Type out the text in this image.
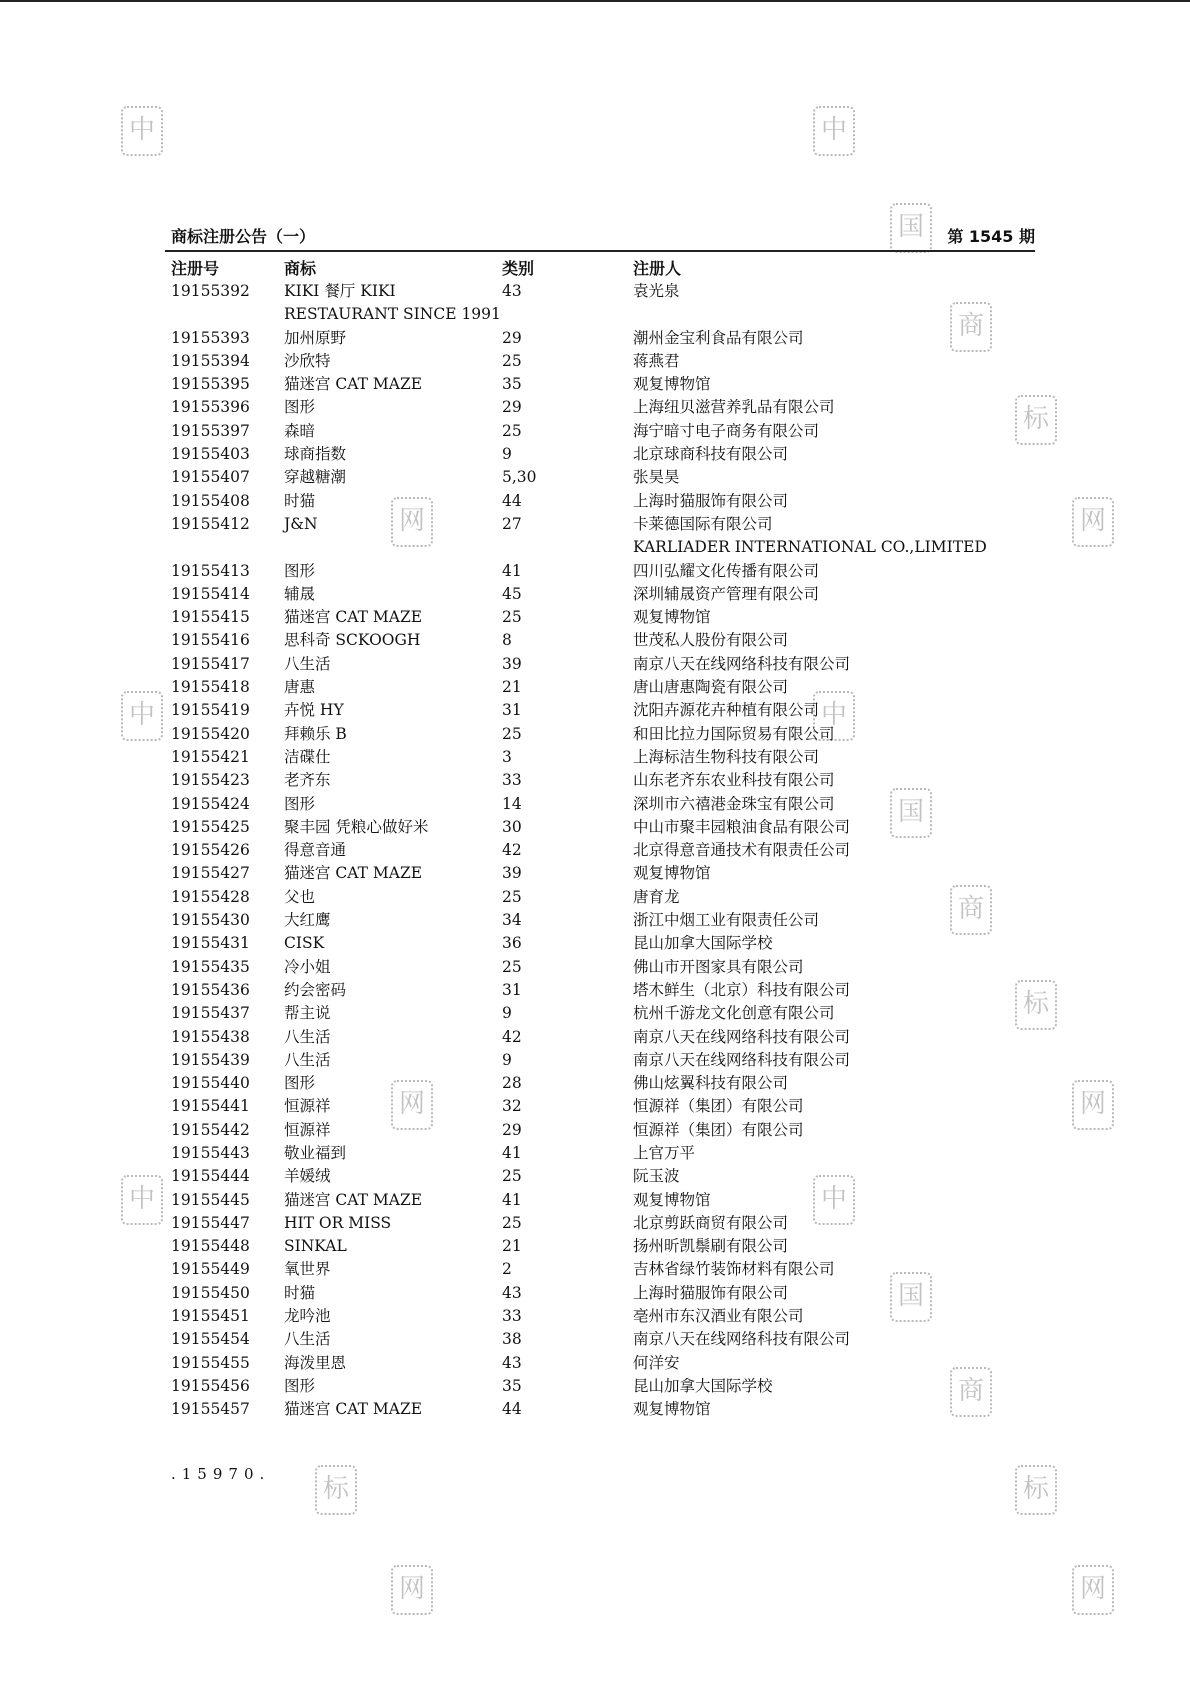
中	中
国
商
标
网
网
中	中
国
商
标
网
网
中	中
国
商
标
标
网	网
商标注册公告（一）	第 1545 期
注册号	商标	类别	注册人
19155392 KIKI 餐厅 KIKI
RESTAURANT SINCE 1991
43	袁光泉
19155393 加州原野	29	潮州金宝利食品有限公司
19155394 沙欣特	25	蒋燕君
19155395 猫迷宫 CAT MAZE	35	观复博物馆
19155396 图形	29	上海纽贝滋营养乳品有限公司
19155397 森暗	25	海宁暗寸电子商务有限公司
19155403 球商指数	9	北京球商科技有限公司
19155407 穿越糖潮	5,30	张昊昊
19155408 时猫	44	上海时猫服饰有限公司
19155412 J&N	27	卡莱德国际有限公司
KARLIADER INTERNATIONAL CO.,LIMITED
19155413 图形	41	四川弘耀文化传播有限公司
19155414 辅晟	45	深圳辅晟资产管理有限公司
19155415 猫迷宫 CAT MAZE	25	观复博物馆
19155416 思科奇 SCKOOGH	8	世茂私人股份有限公司
19155417 八生活	39	南京八天在线网络科技有限公司
19155418 唐惠	21	唐山唐惠陶瓷有限公司
19155419 卉悦 HY	31	沈阳卉源花卉种植有限公司
19155420 拜赖乐 B	25	和田比拉力国际贸易有限公司
19155421 洁碟仕	3	上海标洁生物科技有限公司
19155423 老齐东	33	山东老齐东农业科技有限公司
19155424 图形	14	深圳市六禧港金珠宝有限公司
19155425 聚丰园 凭粮心做好米	30	中山市聚丰园粮油食品有限公司
19155426 得意音通	42	北京得意音通技术有限责任公司
19155427 猫迷宫 CAT MAZE	39	观复博物馆
19155428 父也	25	唐育龙
19155430 大红鹰	34	浙江中烟工业有限责任公司
19155431 CISK	36	昆山加拿大国际学校
19155435 冷小姐	25	佛山市开图家具有限公司
19155436 约会密码	31	塔木鲜生（北京）科技有限公司
19155437 帮主说	9	杭州千游龙文化创意有限公司
19155438 八生活	42	南京八天在线网络科技有限公司
19155439 八生活	9	南京八天在线网络科技有限公司
19155440 图形	28	佛山炫翼科技有限公司
19155441 恒源祥	32	恒源祥（集团）有限公司
19155442 恒源祥	29	恒源祥（集团）有限公司
19155443 敬业福到	41	上官万平
19155444 羊媛绒	25	阮玉波
19155445 猫迷宫 CAT MAZE	41	观复博物馆
19155447 HIT OR MISS	25	北京剪跃商贸有限公司
19155448 SINKAL	21	扬州昕凯鬃刷有限公司
19155449 氧世界	2	吉林省绿竹装饰材料有限公司
19155450 时猫	43	上海时猫服饰有限公司
19155451 龙吟池	33	亳州市东汉酒业有限公司
19155454 八生活	38	南京八天在线网络科技有限公司
19155455 海泼里恩	43	何洋安
19155456 图形	35	昆山加拿大国际学校
19155457 猫迷宫 CAT MAZE	44	观复博物馆
.15970.
